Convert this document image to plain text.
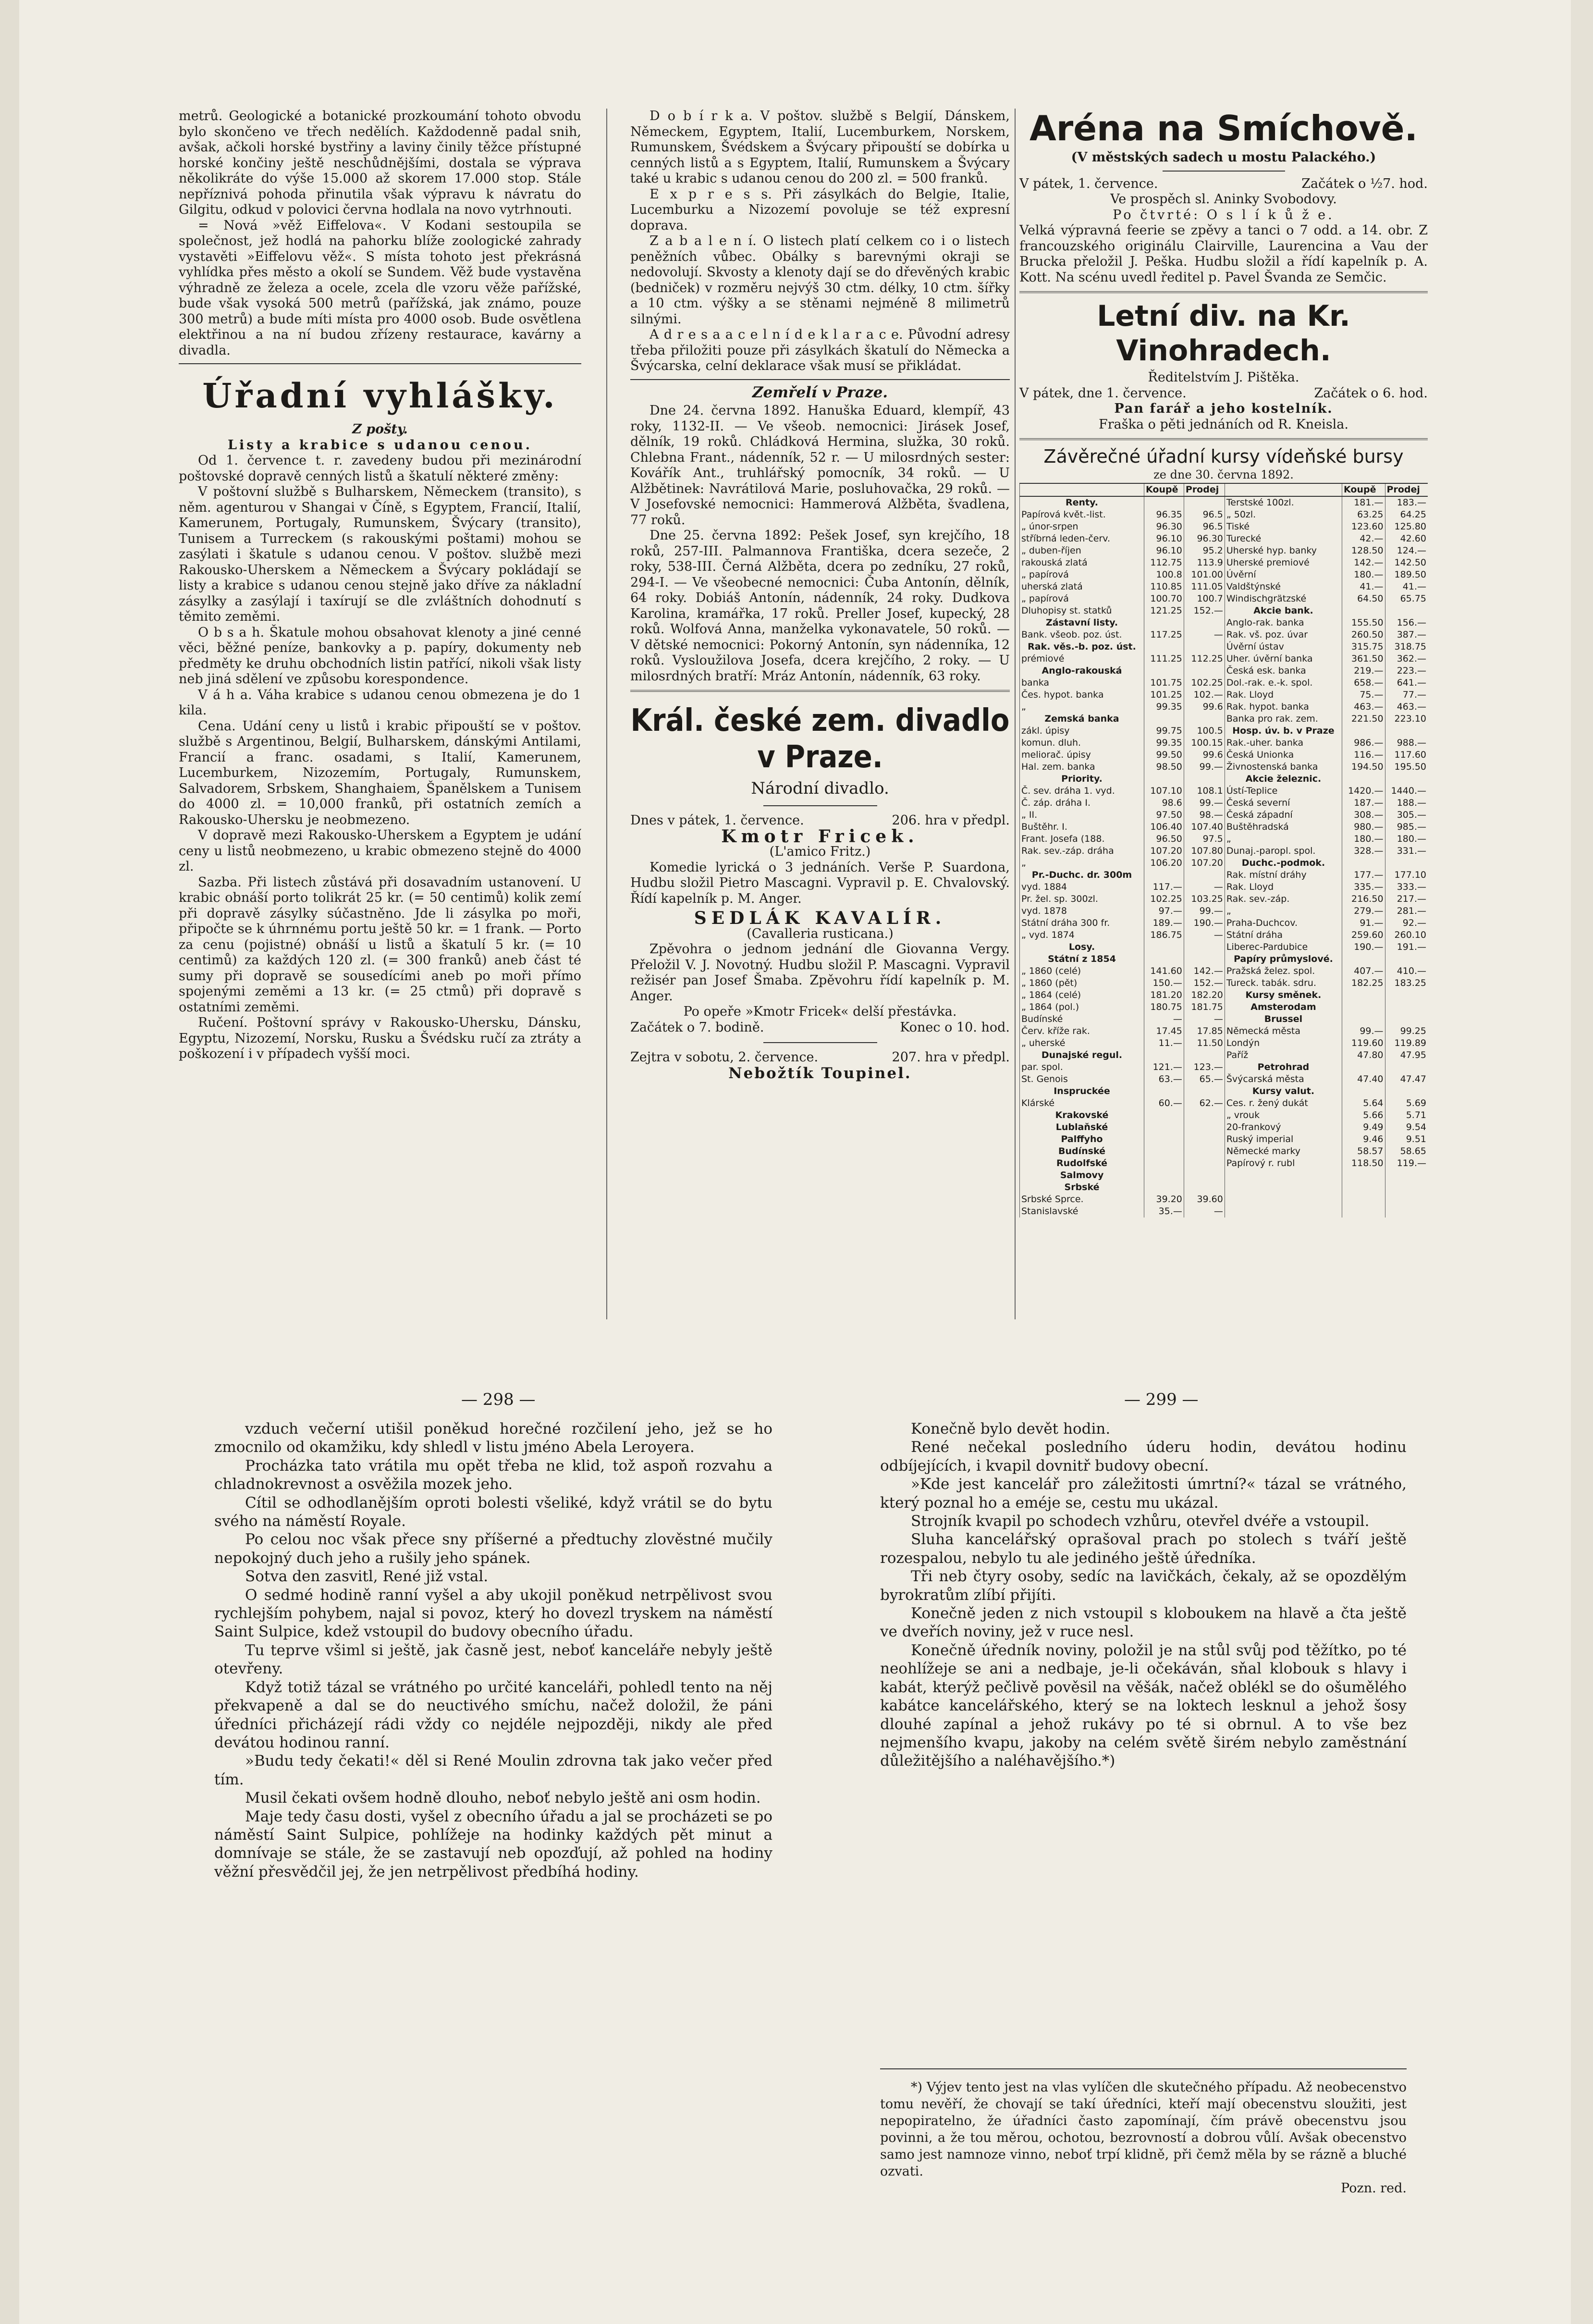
metrů. Geologické a botanické prozkoumání tohoto obvodu bylo skončeno ve třech nedělích. Každodenně padal snih, avšak, ačkoli horské bystřiny a laviny činily těžce přístupné horské končiny ještě nesch̄ůdnějšími, dostala se výprava několikráte do výše 15.000 až skorem 17.000 stop. Stále nepříznivá pohoda přinutila však výpravu k návratu do Gilgitu, odkud v polovici června hodlala na novo vytrhnouti.

= Nová »věž Eiffelova«. V Kodani sestoupila se společnost, jež hodlá na pahorku blíže zoologické zahrady vystavěti »Eiffelovu věž«. S místa tohoto jest překrásná vyhlídka přes město a okolí se Sundem. Věž bude vystavěna výhradně ze železa a ocele, zcela dle vzoru věže pařížské, bude však vysoká 500 metrů (pařížská, jak známo, pouze 300 metrů) a bude míti místa pro 4000 osob. Bude osvětlena elektřinou a na ní budou zřízeny restaurace, kavárny a divadla.

Úřadní vyhlášky.
Z pošty.
Listy a krabice s udanou cenou.

Od 1. července t. r. zavedeny budou při mezinárodní poštovské dopravě cenných listů a škatulí některé změny:

V poštovní službě s Bulharskem, Německem (transito), s něm. agenturou v Shangai v Číně, s Egyptem, Francií, Italií, Kamerunem, Portugaly, Rumunskem, Švýcary (transito), Tunisem a Turreckem (s rakouskými poštami) mohou se zasýlati i škatule s udanou cenou. V poštov. službě mezi Rakousko-Uherskem a Německem a Švýcary pokládají se listy a krabice s udanou cenou stejně jako dříve za nákladní zásylky a zasýlají i taxírují se dle zvláštních dohodnutí s těmito zeměmi.

O b s a h. Škatule mohou obsahovat klenoty a jiné cenné věci, běžné peníze, bankovky a p. papíry, dokumenty neb předměty ke druhu obchodních listin patřící, nikoli však listy neb jiná sdělení ve způsobu korespondence.

V á h a. Váha krabice s udanou cenou obmezena je do 1 kila.

Cena. Udání ceny u listů i krabic připouští se v poštov. službě s Argentinou, Belgií, Bulharskem, dánskými Antilami, Francií a franc. osadami, s Italií, Kamerunem, Lucemburkem, Nizozemím, Portugaly, Rumunskem, Salvadorem, Srbskem, Shanghaiem, Španělskem a Tunisem do 4000 zl. = 10,000 franků, při ostatních zemích a Rakousko-Uhersku je neobmezeno.

V dopravě mezi Rakousko-Uherskem a Egyptem je udání ceny u listů neobmezeno, u krabic obmezeno stejně do 4000 zl.

Sazba. Při listech zůstává při dosavadním ustanovení. U krabic obnáší porto tolikrát 25 kr. (= 50 centimů) kolik zemí při dopravě zásylky súčastněno. Jde li zásylka po moři, připočte se k úhrnnému portu ještě 50 kr. = 1 frank. — Porto za cenu (pojistné) obnáší u listů a škatulí 5 kr. (= 10 centimů) za každých 120 zl. (= 300 franků) aneb část té sumy při dopravě se sousedícími aneb po moři přímo spojenými zeměmi a 13 kr. (= 25 ctmů) při dopravě s ostatními zeměmi.

Ručení. Poštovní správy v Rakousko-Uhersku, Dánsku, Egyptu, Nizozemí, Norsku, Rusku a Švédsku ručí za ztráty a poškození i v případech vyšší moci.

D o b í r k a. V poštov. službě s Belgií, Dánskem, Německem, Egyptem, Italií, Lucemburkem, Norskem, Rumunskem, Švédskem a Švýcary připouští se dobírka u cenných listů a s Egyptem, Italií, Rumunskem a Švýcary také u krabic s udanou cenou do 200 zl. = 500 franků.

E x p r e s s. Při zásylkách do Belgie, Italie, Lucemburku a Nizozemí povoluje se též expresní doprava.

Z a b a l e n í. O listech platí celkem co i o listech peněžních vůbec. Obálky s barevnými okraji se nedovolují. Skvosty a klenoty dají se do dřevěných krabic (bedniček) v rozměru nejvýš 30 ctm. délky, 10 ctm. šířky a 10 ctm. výšky a se stěnami nejméně 8 milimetrů silnými.

A d r e s a a c e l n í d e k l a r a c e. Původní adresy třeba přiložiti pouze při zásylkách škatulí do Německa a Švýcarska, celní deklarace však musí se přikládat.

Zemřelí v Praze.

Dne 24. června 1892. Hanuška Eduard, klempíř, 43 roky, 1132-II. — Ve všeob. nemocnici: Jirásek Josef, dělník, 19 roků. Chládková Hermina, služka, 30 roků. Chlebna Frant., nádenník, 52 r. — U milosrdných sester: Kovářík Ant., truhlářský pomocník, 34 roků. — U Alžbětinek: Navrátilová Marie, posluhovačka, 29 roků. — V Josefovské nemocnici: Hammerová Alžběta, švadlena, 77 roků.

Dne 25. června 1892: Pešek Josef, syn krejčího, 18 roků, 257-III. Palmannova Františka, dcera sezeče, 2 roky, 538-III. Černá Alžběta, dcera po zedníku, 27 roků, 294-I. — Ve všeobecné nemocnici: Čuba Antonín, dělník, 64 roky. Dobiáš Antonín, nádenník, 24 roky. Dudkova Karolina, kramářka, 17 roků. Preller Josef, kupecký, 28 roků. Wolfová Anna, manželka vykonavatele, 50 roků. — V dětské nemocnici: Pokorný Antonín, syn nádenníka, 12 roků. Vysloužilova Josefa, dcera krejčího, 2 roky. — U milosrdných bratří: Mráz Antonín, nádenník, 63 roky.

Král. české zem. divadlo v Praze.
Národní divadlo.
Dnes v pátek, 1. července.	206. hra v předpl.
Kmotr Fricek.
(L'amico Fritz.)

Komedie lyrická o 3 jednáních. Verše P. Suardona, Hudbu složil Pietro Mascagni. Vypravil p. E. Chvalovský. Řídí kapelník p. M. Anger.

SEDLÁK KAVALÍR.
(Cavalleria rusticana.)

Zpěvohra o jednom jednání dle Giovanna Vergy. Přeložil V. J. Novotný. Hudbu složil P. Mascagni. Vypravil režisér pan Josef Šmaba. Zpěvohru řídí kapelník p. M. Anger.

Po opeře »Kmotr Fricek« delší přestávka.
Začátek o 7. bodině.	Konec o 10. hod.
Zejtra v sobotu, 2. července.	207. hra v předpl.
Nebožtík Toupinel.
Aréna na Smíchově.
(V městských sadech u mostu Palackého.)
V pátek, 1. července.	Začátek o ½7. hod.
Ve prospěch sl. Aninky Svobodovy.
Po čtvrté: O s l í k ů ž e.

Velká výpravná feerie se zpěvy a tanci o 7 odd. a 14. obr. Z francouzského originálu Clairville, Laurencina a Vau der Brucka přeložil J. Peška. Hudbu složil a řídí kapelník p. A. Kott. Na scénu uvedl ředitel p. Pavel Švanda ze Semčic.

Letní div. na Kr. Vinohradech.
Ředitelstvím J. Pištěka.
V pátek, dne 1. července.	Začátek o 6. hod.
Pan farář a jeho kostelník.
Fraška o pěti jednáních od R. Kneisla.
Závěrečné úřadní kursy vídeňské bursy
ze dne 30. června 1892.
	Koupě	Prodej		Koupě	Prodej
Renty.			Terstské 100zl.	181.—	183.—
Papírová květ.-list.	96.35	96.5	„ 50zl.	63.25	64.25
„ únor-srpen	96.30	96.5	Tiské	123.60	125.80
stříbrná leden-červ.	96.10	96.30	Turecké	42.—	42.60
„ duben-říjen	96.10	95.2	Uherské hyp. banky	128.50	124.—
rakouská zlatá	112.75	113.9	Uherské premiové	142.—	142.50
„ papírová	100.8	101.00	Úvěrní	180.—	189.50
uherská zlatá	110.85	111.05	Valdštýnské	41.—	41.—
„ papírová	100.70	100.7	Windischgrätzské	64.50	65.75
Dluhopisy st. statků	121.25	152.—	Akcie bank.		
Zástavní listy.			Anglo-rak. banka	155.50	156.—
Bank. všeob. poz. úst.	117.25	—	Rak. vš. poz. úvar	260.50	387.—
Rak. věs.-b. poz. úst.			Úvěrní ústav	315.75	318.75
prémiové	111.25	112.25	Uher. úvěrní banka	361.50	362.—
Anglo-rakouská			Česká esk. banka	219.—	223.—
banka	101.75	102.25	Dol.-rak. e.-k. spol.	658.—	641.—
Čes. hypot. banka	101.25	102.—	Rak. Lloyd	75.—	77.—
„	99.35	99.6	Rak. hypot. banka	463.—	463.—
Zemská banka			Banka pro rak. zem.	221.50	223.10
zákl. úpisy	99.75	100.5	Hosp. úv. b. v Praze		
komun. dluh.	99.35	100.15	Rak.-uher. banka	986.—	988.—
meliorač. úpisy	99.50	99.6	Česká Unionka	116.—	117.60
Hal. zem. banka	98.50	99.—	Živnostenská banka	194.50	195.50
Priority.			Akcie železnic.		
Č. sev. dráha 1. vyd.	107.10	108.1	Ústí-Teplice	1420.—	1440.—
Č. záp. dráha I.	98.6	99.—	Česká severní	187.—	188.—
„ II.	97.50	98.—	Česká západní	308.—	305.—
Buštěhr. I.	106.40	107.40	Buštěhradská	980.—	985.—
Frant. Josefa (188.	96.50	97.5	„	180.—	180.—
Rak. sev.-záp. dráha	107.20	107.80	Dunaj.-paropl. spol.	328.—	331.—
„	106.20	107.20	Duchc.-podmok.		
Pr.-Duchc. dr. 300m			Rak. místní dráhy	177.—	177.10
vyd. 1884	117.—	—	Rak. Lloyd	335.—	333.—
Pr. žel. sp. 300zl.	102.25	103.25	Rak. sev.-záp.	216.50	217.—
vyd. 1878	97.—	99.—	„	279.—	281.—
Státní dráha 300 fr.	189.—	190.—	Praha-Duchcov.	91.—	92.—
„ vyd. 1874	186.75	—	Státní dráha	259.60	260.10
Losy.			Liberec-Pardubice	190.—	191.—
Státní z 1854			Papíry průmyslové.		
„ 1860 (celé)	141.60	142.—	Pražská želez. spol.	407.—	410.—
„ 1860 (pět)	150.—	152.—	Tureck. tabák. sdru.	182.25	183.25
„ 1864 (celé)	181.20	182.20	Kursy směnek.		
„ 1864 (pol.)	180.75	181.75	Amsterodam		
Budínské	—	—	Brussel		
Červ. kříže rak.	17.45	17.85	Německá města	99.—	99.25
„ uherské	11.—	11.50	Londýn	119.60	119.89
Dunajské regul.			Paříž	47.80	47.95
par. spol.	121.—	123.—	Petrohrad		
St. Genois	63.—	65.—	Švýcarská města	47.40	47.47
Inspruckée			Kursy valut.		
Klárské	60.—	62.—	Ces. r. žený dukát	5.64	5.69
Krakovské			„ vrouk	5.66	5.71
Lublaňské			20-frankový	9.49	9.54
Palffyho			Ruský imperial	9.46	9.51
Budínské			Německé marky	58.57	58.65
Rudolfské			Papírový r. rubl	118.50	119.—
Salmovy					
Srbské					
Srbské Sprce.	39.20	39.60			
Stanislavské	35.—	—			
— 298 —	— 299 —

vzduch večerní utišil poněkud horečné rozčilení jeho, jež se ho zmocnilo od okamžiku, kdy shledl v listu jméno Abela Leroyera.

Procházka tato vrátila mu opět třeba ne klid, tož aspoň rozvahu a chladnokrevnost a osvěžila mozek jeho.

Cítil se odhodlanějším oproti bolesti všeliké, když vrátil se do bytu svého na náměstí Royale.

Po celou noc však přece sny příšerné a předtuchy zlověstné mučily nepokojný duch jeho a rušily jeho spánek.

Sotva den zasvitl, René již vstal.

O sedmé hodině ranní vyšel a aby ukojil poněkud netrpělivost svou rychlejším pohybem, najal si povoz, který ho dovezl tryskem na náměstí Saint Sulpice, kdež vstoupil do budovy obecního úřadu.

Tu teprve všiml si ještě, jak časně jest, neboť kanceláře nebyly ještě otevřeny.

Když totiž tázal se vrátného po určité kanceláři, pohledl tento na něj překvapeně a dal se do neuctivého smíchu, načež doložil, že páni úředníci přicházejí rádi vždy co nejdéle nejpozději, nikdy ale před devátou hodinou ranní.

»Budu tedy čekati!« děl si René Moulin zdrovna tak jako večer před tím.

Musil čekati ovšem hodně dlouho, neboť nebylo ještě ani osm hodin.

Maje tedy času dosti, vyšel z obecního úřadu a jal se procházeti se po náměstí Saint Sulpice, pohlížeje na hodinky každých pět minut a domnívaje se stále, že se zastavují neb opozďují, až pohled na hodiny věžní přesvědčil jej, že jen netrpělivost předbíhá hodiny.

Konečně bylo devět hodin.

René nečekal posledního úderu hodin, devátou hodinu odbíjejících, i kvapil dovnitř budovy obecní.

»Kde jest kancelář pro záležitosti úmrtní?« tázal se vrátného, který poznal ho a eméje se, cestu mu ukázal.

Strojník kvapil po schodech vzhůru, otevřel dvéře a vstoupil.

Sluha kancelářský oprašoval prach po stolech s tváří ještě rozespalou, nebylo tu ale jediného ještě úředníka.

Tři neb čtyry osoby, sedíc na lavičkách, čekaly, až se opozdělým byrokratům zlíbí přijíti.

Konečně jeden z nich vstoupil s kloboukem na hlavě a čta ještě ve dveřích noviny, jež v ruce nesl.

Konečně úředník noviny, položil je na stůl svůj pod těžítko, po té neohlížeje se ani a nedbaje, je-li očekáván, sňal klobouk s hlavy i kabát, kterýž pečlivě pověsil na věšák, načež oblékl se do ošumělého kabátce kancelářského, který se na loktech lesknul a jehož šosy dlouhé zapínal a jehož rukávy po té si obrnul. A to vše bez nejmenšího kvapu, jakoby na celém světě širém nebylo zaměstnání důležitějšího a naléhavějšího.*)

*) Výjev tento jest na vlas vylíčen dle skutečného případu. Až neobecenstvo tomu nevěří, že chovají se takí úředníci, kteří mají obecenstvu sloužiti, jest nepopiratelno, že úřadníci často zapomínají, čím právě obecenstvu jsou povinni, a že tou měrou, ochotou, bezrovností a dobrou vůlí. Avšak obecenstvo samo jest namnoze vinno, neboť trpí klidně, při čemž měla by se rázně a bluché ozvati.

Pozn. red.
